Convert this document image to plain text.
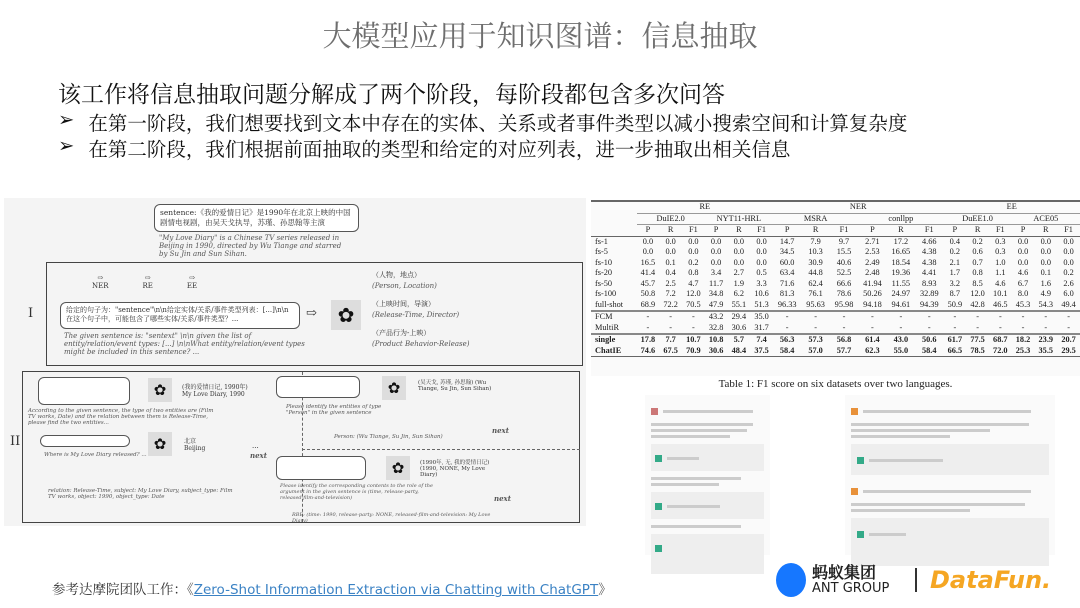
大模型应用于知识图谱：信息抽取
该工作将信息抽取问题分解成了两个阶段，每阶段都包含多次问答
➢ 在第一阶段，我们想要找到文本中存在的实体、关系或者事件类型以减小搜索空间和计算复杂度
➢ 在第二阶段，我们根据前面抽取的类型和给定的对应列表，进一步抽取出相关信息
sentence:《我的爱情日记》是1990年在北京上映的中国剧情电视剧，由吴天戈执导，苏瑾、孙思翰等主演
"My Love Diary" is a Chinese TV series released in Beijing in 1990, directed by Wu Tiange and starred by Su Jin and Sun Sihan.
I
⇨
NER
⇨
RE
⇨
EE
给定的句子为："sentence"\n\n给定实体/关系/事件类型列表：[...]\n\n在这个句子中，可能包含了哪些实体/关系/事件类型？...
The given sentence is: "sentext" \n\n given the list of entity/relation/event types: [...] \n\nWhat entity/relation/event types might be included in this sentence? ...
⇨	✿
（人物，地点）
(Person, Location)
（上映时间，导演）
(Release-Time, Director)
（产品行为-上映）
(Product Behavior-Release)
II
✿	(我的爱情日记, 1990年) My Love Diary, 1990
According to the given sentence, the type of two entities are (Film TV works, Date) and the relation between them is Release-Time, please find the two entities...
✿	北京 Beijing
Where is My Love Diary released? ...
relation: Release-Time, subject: My Love Diary, subject_type: Film TV works, object: 1990, object_type: Date
...
next
✿	(吴天戈, 苏瑾, 孙思翰) (Wu Tiange, Su Jin, Sun Sihan)
Please identify the entities of type "Person" in the given sentence
Person: (Wu Tiange, Su Jin, Sun Sihan)
next
✿	(1990年, 无, 我的爱情日记) (1990, NONE, My Love Diary)
Please identify the corresponding contents to the role of the argument in the given sentence is (time, release-party, released-film-and-television)
RBE: (time: 1990, release-party: NONE, released-film-and-television: My Love Diary)
next
	RE						NER						EE					
	DuIE2.0			NYT11-HRL			MSRA			conllpp			DuEE1.0			ACE05		
	P	R	F1	P	R	F1	P	R	F1	P	R	F1	P	R	F1	P	R	F1
fs-1	0.0	0.0	0.0	0.0	0.0	0.0	14.7	7.9	9.7	2.71	17.2	4.66	0.4	0.2	0.3	0.0	0.0	0.0
fs-5	0.0	0.0	0.0	0.0	0.0	0.0	34.5	10.3	15.5	2.53	16.65	4.38	0.2	0.6	0.3	0.0	0.0	0.0
fs-10	16.5	0.1	0.2	0.0	0.0	0.0	60.0	30.9	40.6	2.49	18.54	4.38	2.1	0.7	1.0	0.0	0.0	0.0
fs-20	41.4	0.4	0.8	3.4	2.7	0.5	63.4	44.8	52.5	2.48	19.36	4.41	1.7	0.8	1.1	4.6	0.1	0.2
fs-50	45.7	2.5	4.7	11.7	1.9	3.3	71.6	62.4	66.6	41.94	11.55	8.93	3.2	8.5	4.6	6.7	1.6	2.6
fs-100	50.8	7.2	12.0	34.8	6.2	10.6	81.3	76.1	78.6	50.26	24.97	32.89	8.7	12.0	10.1	8.0	4.9	6.0
full-shot	68.9	72.2	70.5	47.9	55.1	51.3	96.33	95.63	95.98	94.18	94.61	94.39	50.9	42.8	46.5	45.3	54.3	49.4
FCM	-	-	-	43.2	29.4	35.0	-	-	-	-	-	-	-	-	-	-	-	-
MultiR	-	-	-	32.8	30.6	31.7	-	-	-	-	-	-	-	-	-	-	-	-
single	17.8	7.7	10.7	10.8	5.7	7.4	56.3	57.3	56.8	61.4	43.0	50.6	61.7	77.5	68.7	18.2	23.9	20.7
ChatIE	74.6	67.5	70.9	30.6	48.4	37.5	58.4	57.0	57.7	62.3	55.0	58.4	66.5	78.5	72.0	25.3	35.5	29.5
Table 1: F1 score on six datasets over two languages.
参考达摩院团队工作：《Zero-Shot Information Extraction via Chatting with ChatGPT》
蚂蚁集团
ANT GROUP DataFun.
